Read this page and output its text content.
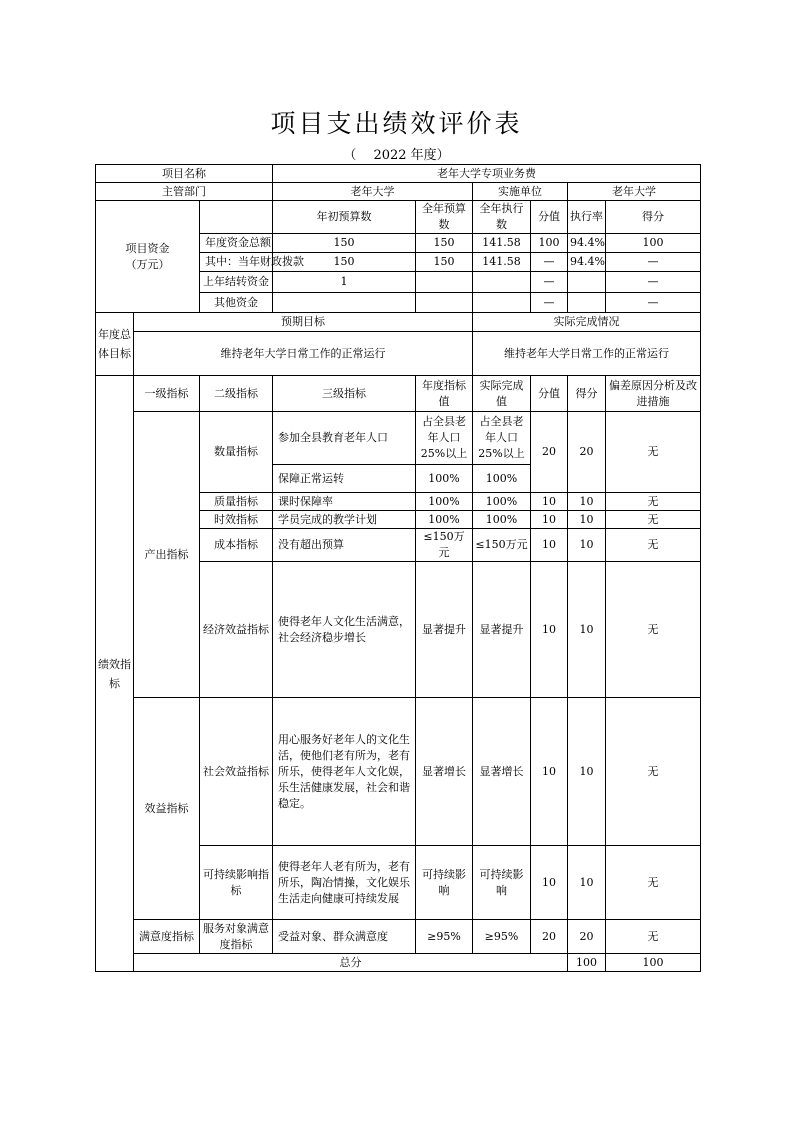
项目支出绩效评价表
（　 2022 年度）
项目名称			老年大学专项业务费						
主管部门			老年大学		实施单位		老年大学		

项目资金
（万元）			年初预算数	全年预算数	全年执行数	分值	执行率	得分	
		年度资金总额	150	150	141.58	100	94.4%	100	
		其中：当年财政拨款	150	150	141.58	—	94.4%	—	
		上年结转资金	1			—		—	
		其他资金				—		—	
年度总体目标	预期目标				实际完成情况				
	维持老年大学日常工作的正常运行				维持老年大学日常工作的正常运行				
绩效指标	一级指标	二级指标	三级指标	年度指标值	实际完成值	分值	得分	偏差原因分析及改进措施	
	产出指标	数量指标	参加全县教育老年人口	占全县老年人口25%以上	占全县老年人口25%以上	20	20	无	
			保障正常运转	100%	100%				
		质量指标	课时保障率	100%	100%	10	10	无	
		时效指标	学员完成的教学计划	100%	100%	10	10	无	
		成本指标	没有超出预算	≤150万元	≤150万元	10	10	无	
		经济效益指标	使得老年人文化生活满意，社会经济稳步增长	显著提升	显著提升	10	10	无	
	效益指标	社会效益指标	用心服务好老年人的文化生活，使他们老有所为，老有所乐，使得老年人文化娱，乐生活健康发展，社会和谐稳定。	显著增长	显著增长	10	10	无	
		可持续影响指标	使得老年人老有所为，老有所乐，陶冶情操，文化娱乐生活走向健康可持续发展	可持续影响	可持续影响	10	10	无	
	满意度指标	服务对象满意度指标	受益对象、群众满意度	≥95%	≥95%	20	20	无	
	总分						100	100	
